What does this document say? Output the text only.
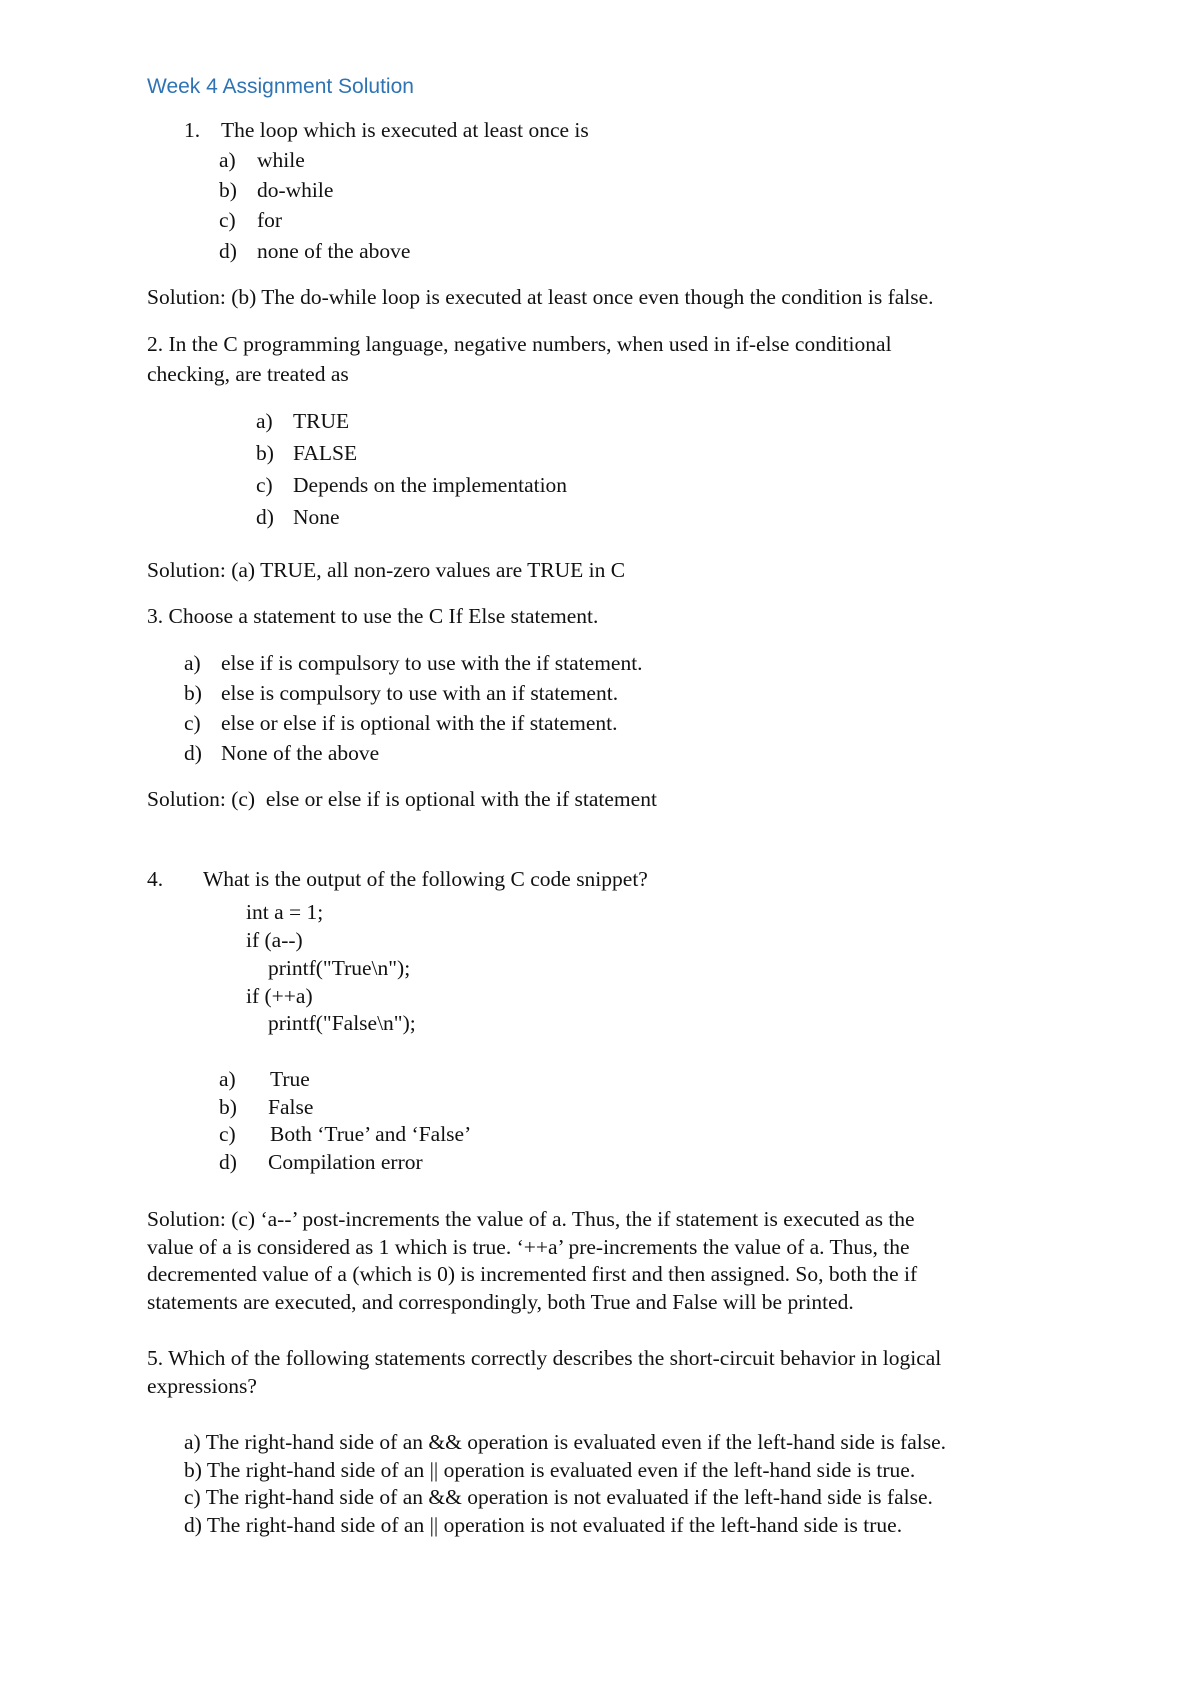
Week 4 Assignment Solution
1. The loop which is executed at least once is
a) while
b) do-while
c) for
d) none of the above
Solution: (b) The do-while loop is executed at least once even though the condition is false.
2. In the C programming language, negative numbers, when used in if-else conditional
checking, are treated as
a) TRUE
b) FALSE
c) Depends on the implementation
d) None
Solution: (a) TRUE, all non-zero values are TRUE in C
3. Choose a statement to use the C If Else statement.
a) else if is compulsory to use with the if statement.
b) else is compulsory to use with an if statement.
c) else or else if is optional with the if statement.
d) None of the above
Solution: (c)  else or else if is optional with the if statement
4. What is the output of the following C code snippet?
int a = 1;
if (a--)
printf("True\n");
if (++a)
printf("False\n");
a) True
b) False
c) Both ‘True’ and ‘False’
d) Compilation error
Solution: (c) ‘a--’ post-increments the value of a. Thus, the if statement is executed as the
value of a is considered as 1 which is true. ‘++a’ pre-increments the value of a. Thus, the
decremented value of a (which is 0) is incremented first and then assigned. So, both the if
statements are executed, and correspondingly, both True and False will be printed.
5. Which of the following statements correctly describes the short-circuit behavior in logical
expressions?
a) The right-hand side of an && operation is evaluated even if the left-hand side is false.
b) The right-hand side of an || operation is evaluated even if the left-hand side is true.
c) The right-hand side of an && operation is not evaluated if the left-hand side is false.
d) The right-hand side of an || operation is not evaluated if the left-hand side is true.
